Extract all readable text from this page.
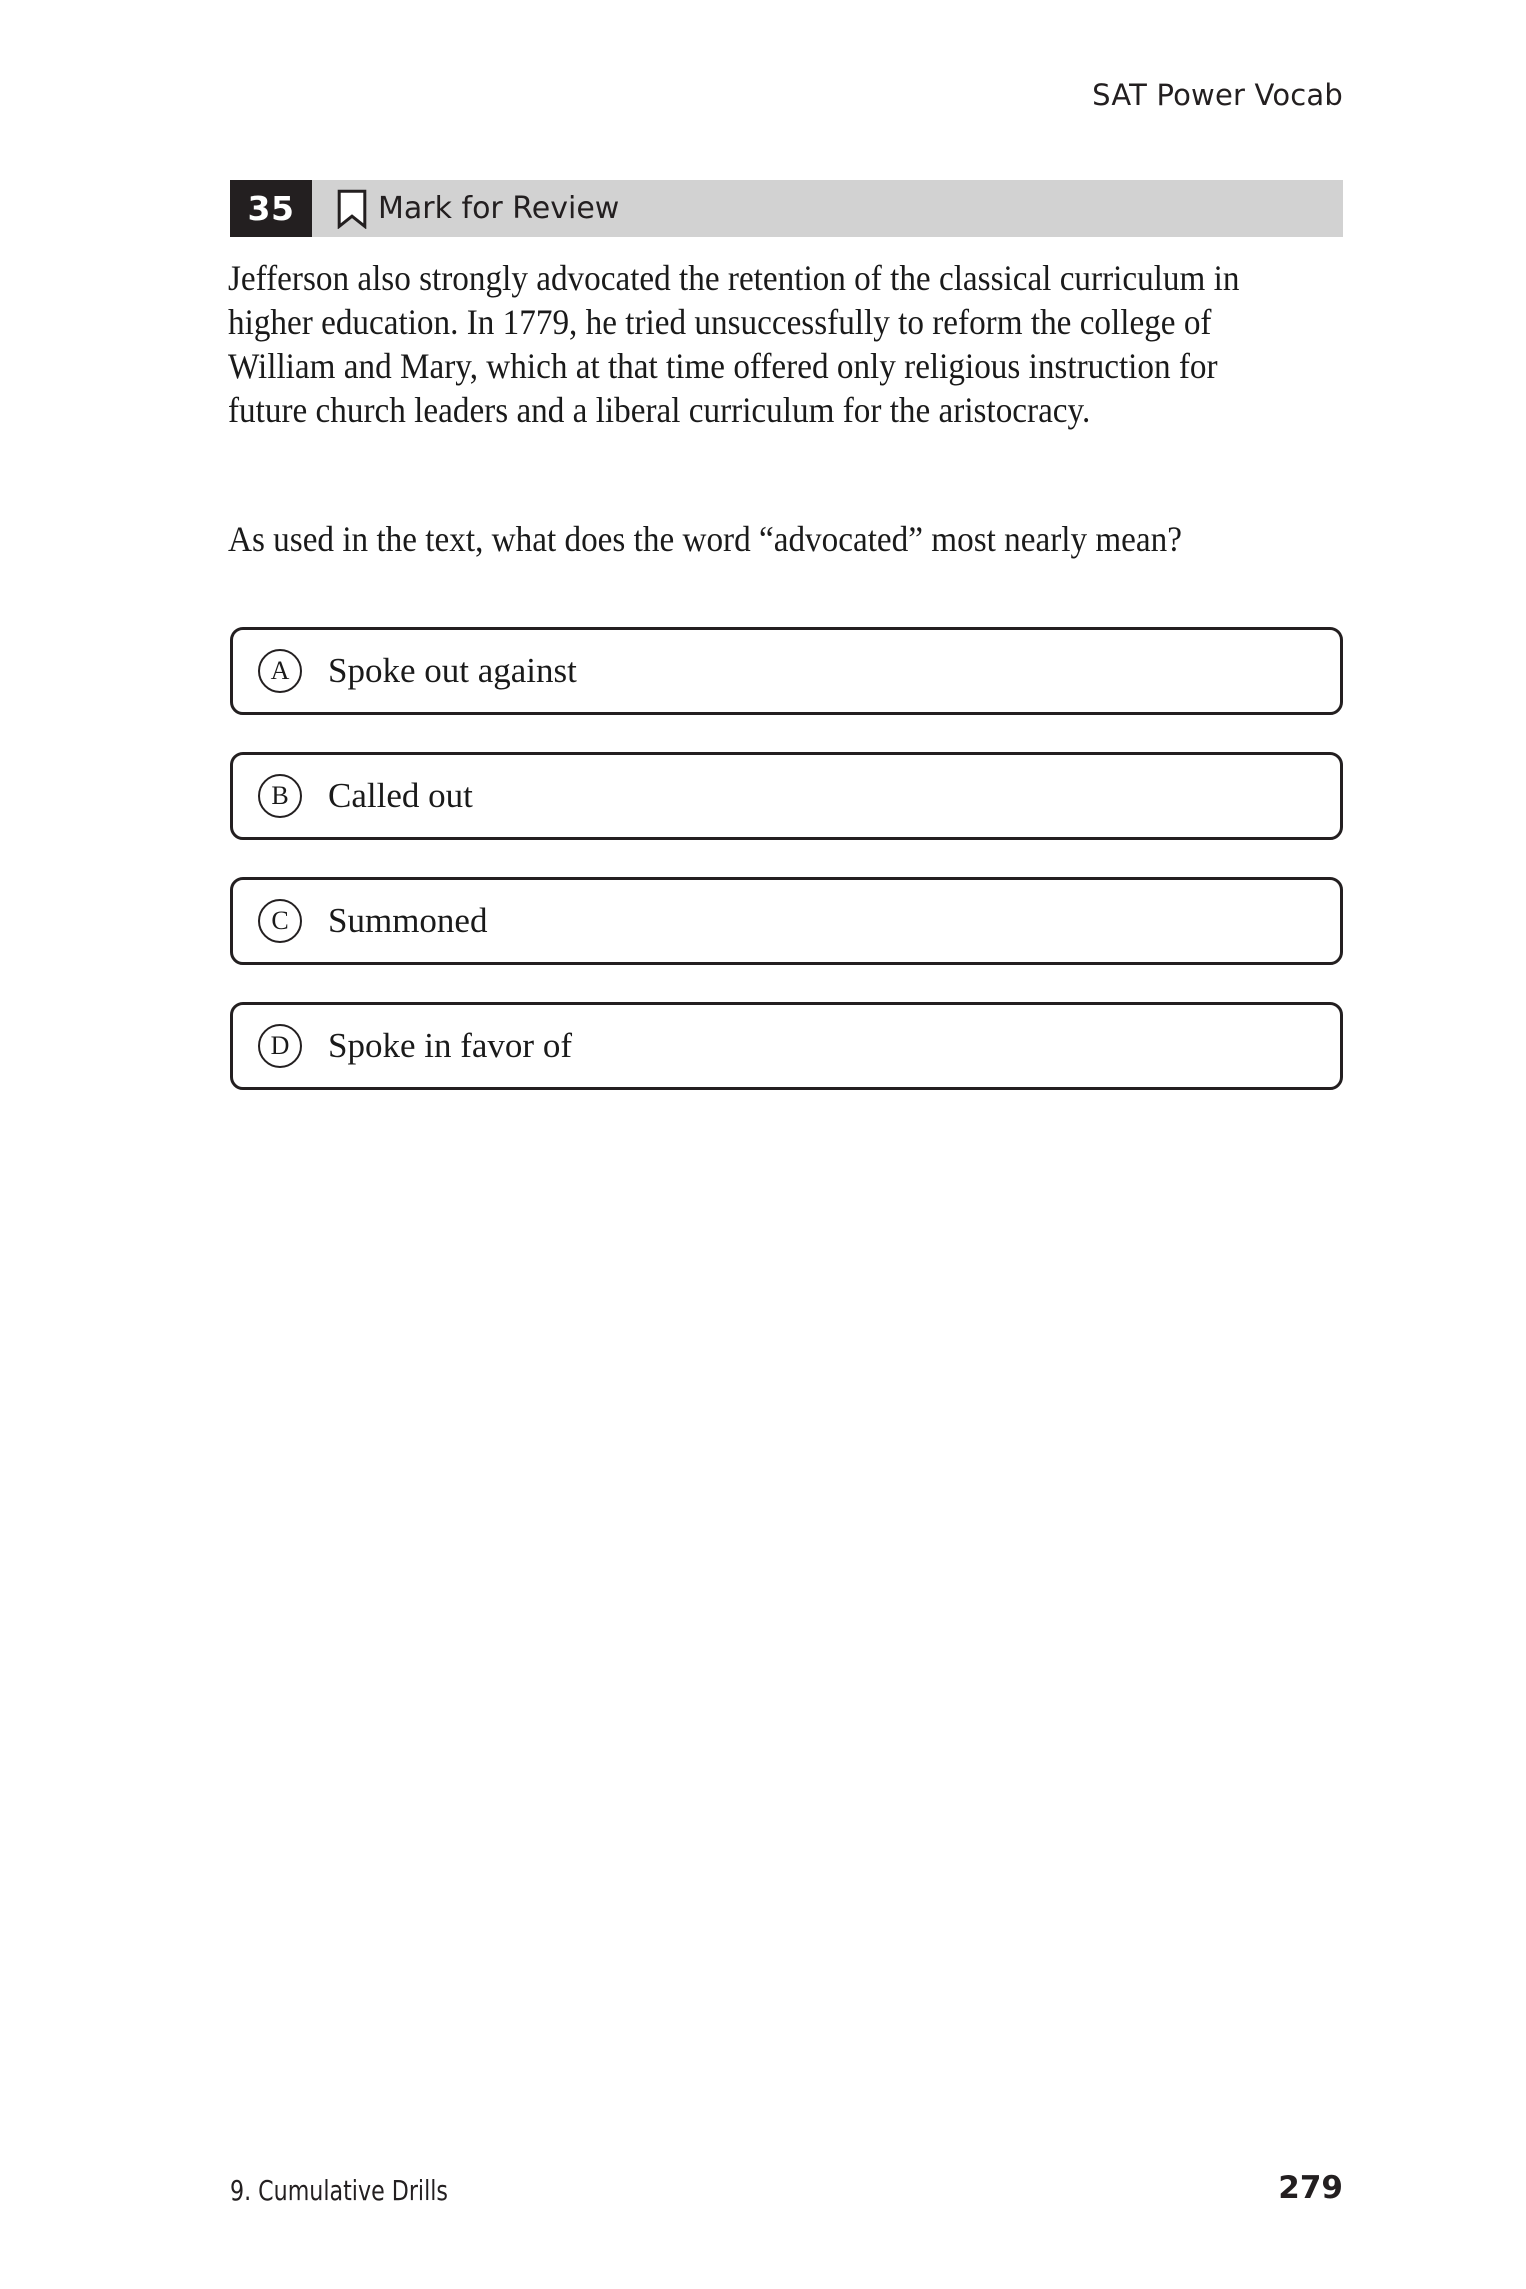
SAT Power Vocab
35	Mark for Review
Jefferson also strongly advocated the retention of the classical curriculum in higher education. In 1779, he tried unsuccessfully to reform the college of William and Mary, which at that time offered only religious instruction for future church leaders and a liberal curriculum for the aristocracy.
As used in the text, what does the word “advocated” most nearly mean?
A	Spoke out against
B	Called out
C	Summoned
D	Spoke in favor of
9. Cumulative Drills	279
